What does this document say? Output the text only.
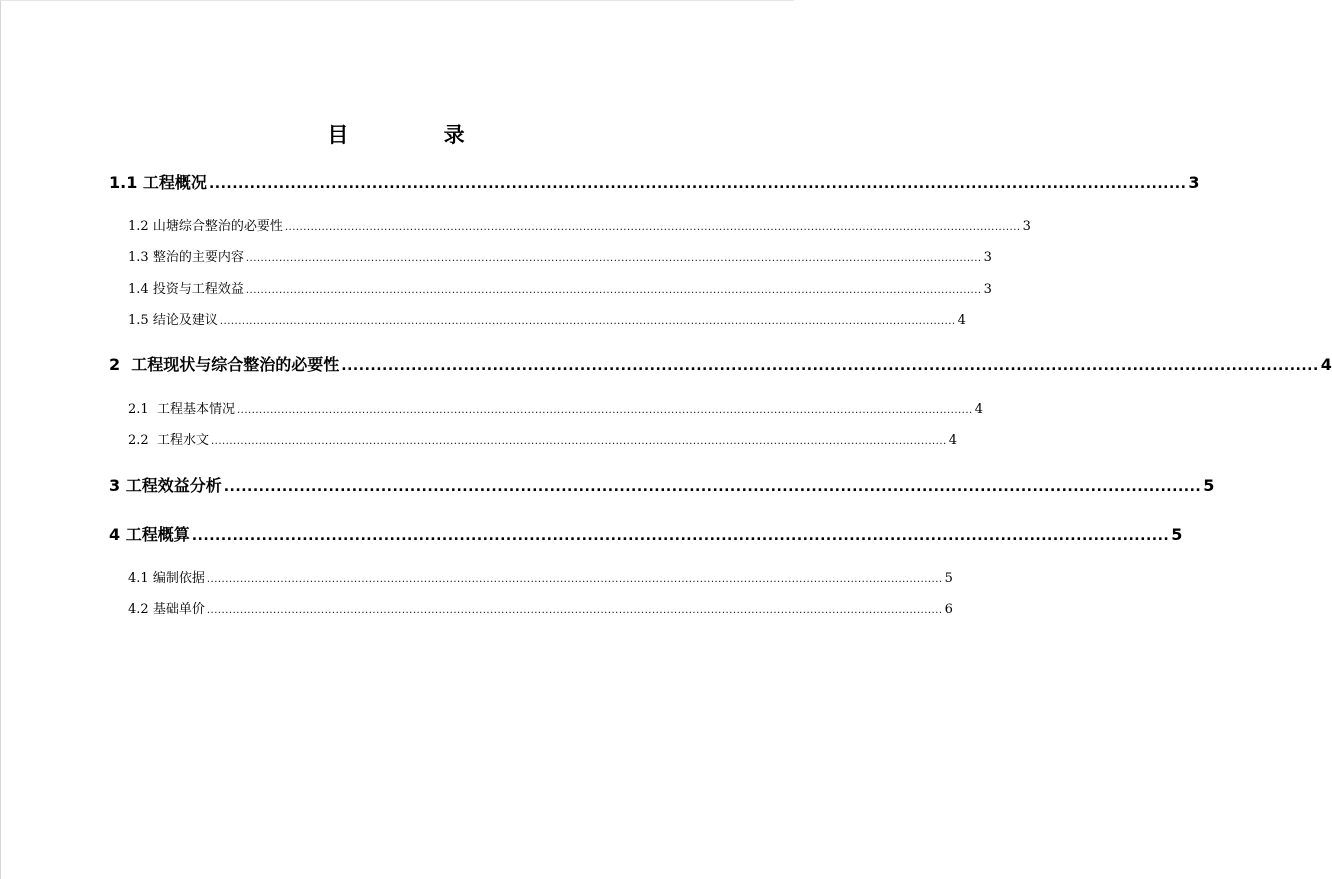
目 录
1.1 工程概况 ........................................................................................................................................................................ 3
1.2 山塘综合整治的必要性 ........................................................................................................................................................................................................ 3
1.3 整治的主要内容 ........................................................................................................................................................................................................ 3
1.4 投资与工程效益 ........................................................................................................................................................................................................ 3
1.5 结论及建议 ........................................................................................................................................................................................................ 4
2 工程现状与综合整治的必要性 ........................................................................................................................................................................ 4
2.1 工程基本情况 ........................................................................................................................................................................................................ 4
2.2 工程水文 ........................................................................................................................................................................................................ 4
3 工程效益分析 ........................................................................................................................................................................ 5
4 工程概算 ........................................................................................................................................................................ 5
4.1 编制依据 ........................................................................................................................................................................................................ 5
4.2 基础单价 ........................................................................................................................................................................................................ 6
